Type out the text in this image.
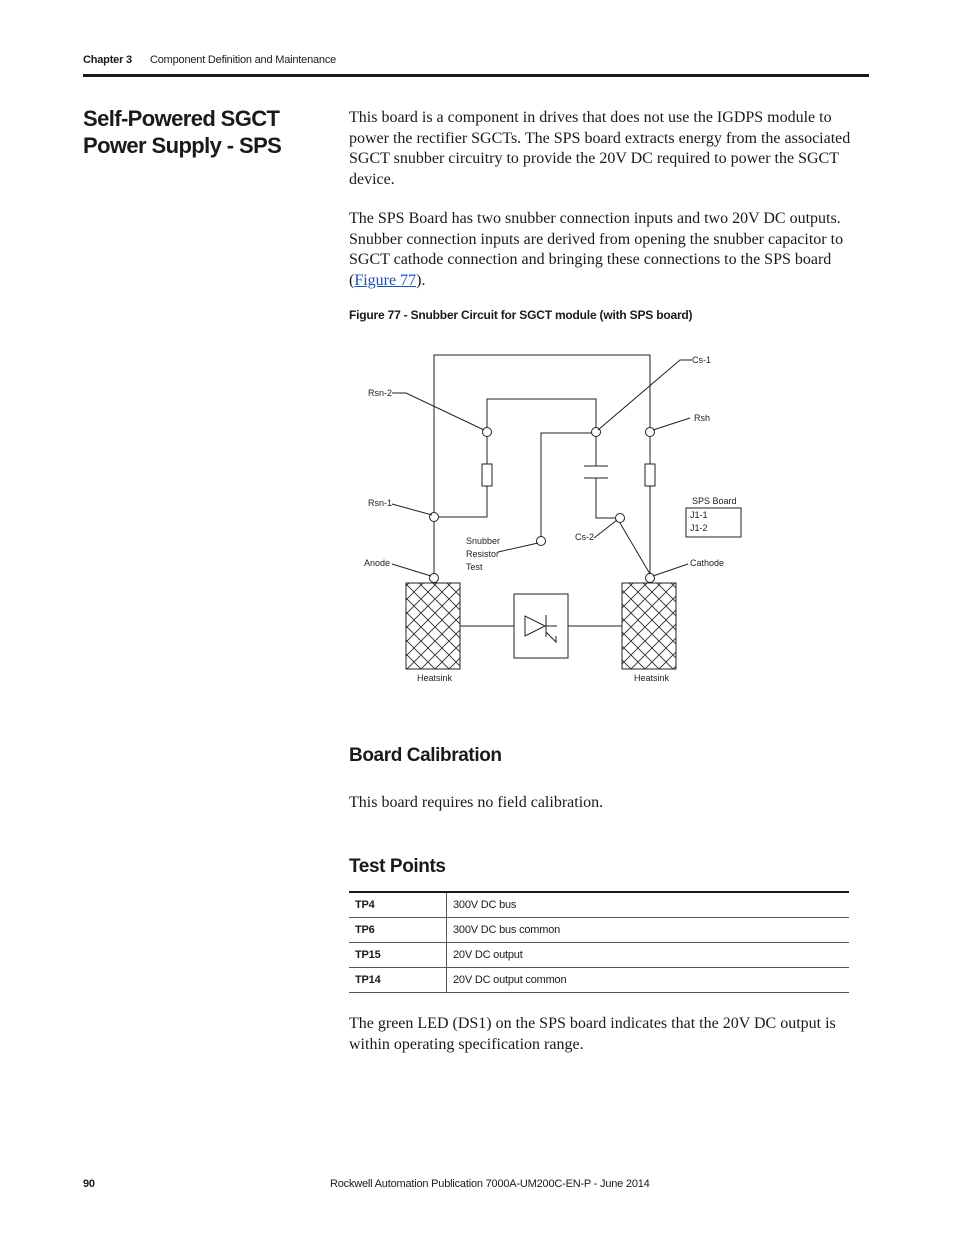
Chapter 3 Component Definition and Maintenance
Self-Powered SGCT Power Supply - SPS
This board is a component in drives that does not use the IGDPS module to power the rectifier SGCTs. The SPS board extracts energy from the associated SGCT snubber circuitry to provide the 20V DC required to power the SGCT device.
The SPS Board has two snubber connection inputs and two 20V DC outputs. Snubber connection inputs are derived from opening the snubber capacitor to SGCT cathode connection and bringing these connections to the SPS board (Figure 77).
Figure 77 - Snubber Circuit for SGCT module (with SPS board)
Cs-1
Rsn-2
Rsh
SPS Board
J1-1
J1-2
Rsn-1
Snubber
Resistor
Test
Cs-2
Anode	Cathode
Heatsink	Heatsink
Board Calibration
This board requires no field calibration.
Test Points
TP4	300V DC bus
TP6	300V DC bus common
TP15	20V DC output
TP14	20V DC output common
The green LED (DS1) on the SPS board indicates that the 20V DC output is within operating specification range.
90	Rockwell Automation Publication 7000A-UM200C-EN-P - June 2014
